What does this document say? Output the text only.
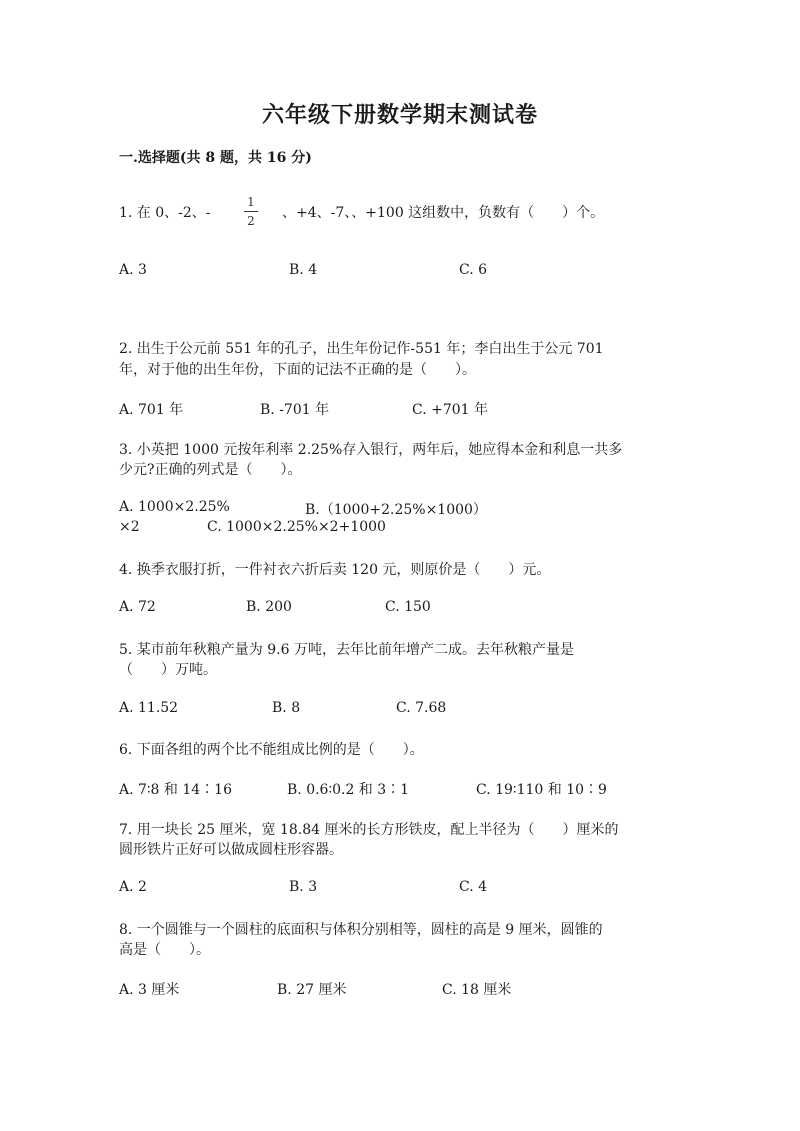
六年级下册数学期末测试卷
一.选择题(共 8 题，共 16 分)
1. 在 0、-2、-
1
2 、+4、-7、、+100 这组数中，负数有（　　）个。
A. 3	B. 4	C. 6
2. 出生于公元前 551 年的孔子，出生年份记作-551 年；李白出生于公元 701
年，对于他的出生年份，下面的记法不正确的是（　　）。
A. 701 年	B. -701 年	C. +701 年
3. 小英把 1000 元按年利率 2.25%存入银行，两年后，她应得本金和利息一共多
少元?正确的列式是（　　）。
A. 1000×2.25%	B.（1000+2.25%×1000）
×2	C. 1000×2.25%×2+1000
4. 换季衣服打折，一件衬衣六折后卖 120 元，则原价是（　　）元。
A. 72	B. 200	C. 150
5. 某市前年秋粮产量为 9.6 万吨，去年比前年增产二成。去年秋粮产量是
（　　）万吨。
A. 11.52	B. 8	C. 7.68
6. 下面各组的两个比不能组成比例的是（　　）。
A. 7∶8 和 14∶16	B. 0.6∶0.2 和 3∶1	C. 19∶110 和 10∶9
7. 用一块长 25 厘米，宽 18.84 厘米的长方形铁皮，配上半径为（　　）厘米的
圆形铁片正好可以做成圆柱形容器。
A. 2	B. 3	C. 4
8. 一个圆锥与一个圆柱的底面积与体积分别相等，圆柱的高是 9 厘米，圆锥的
高是（　　）。
A. 3 厘米	B. 27 厘米	C. 18 厘米
